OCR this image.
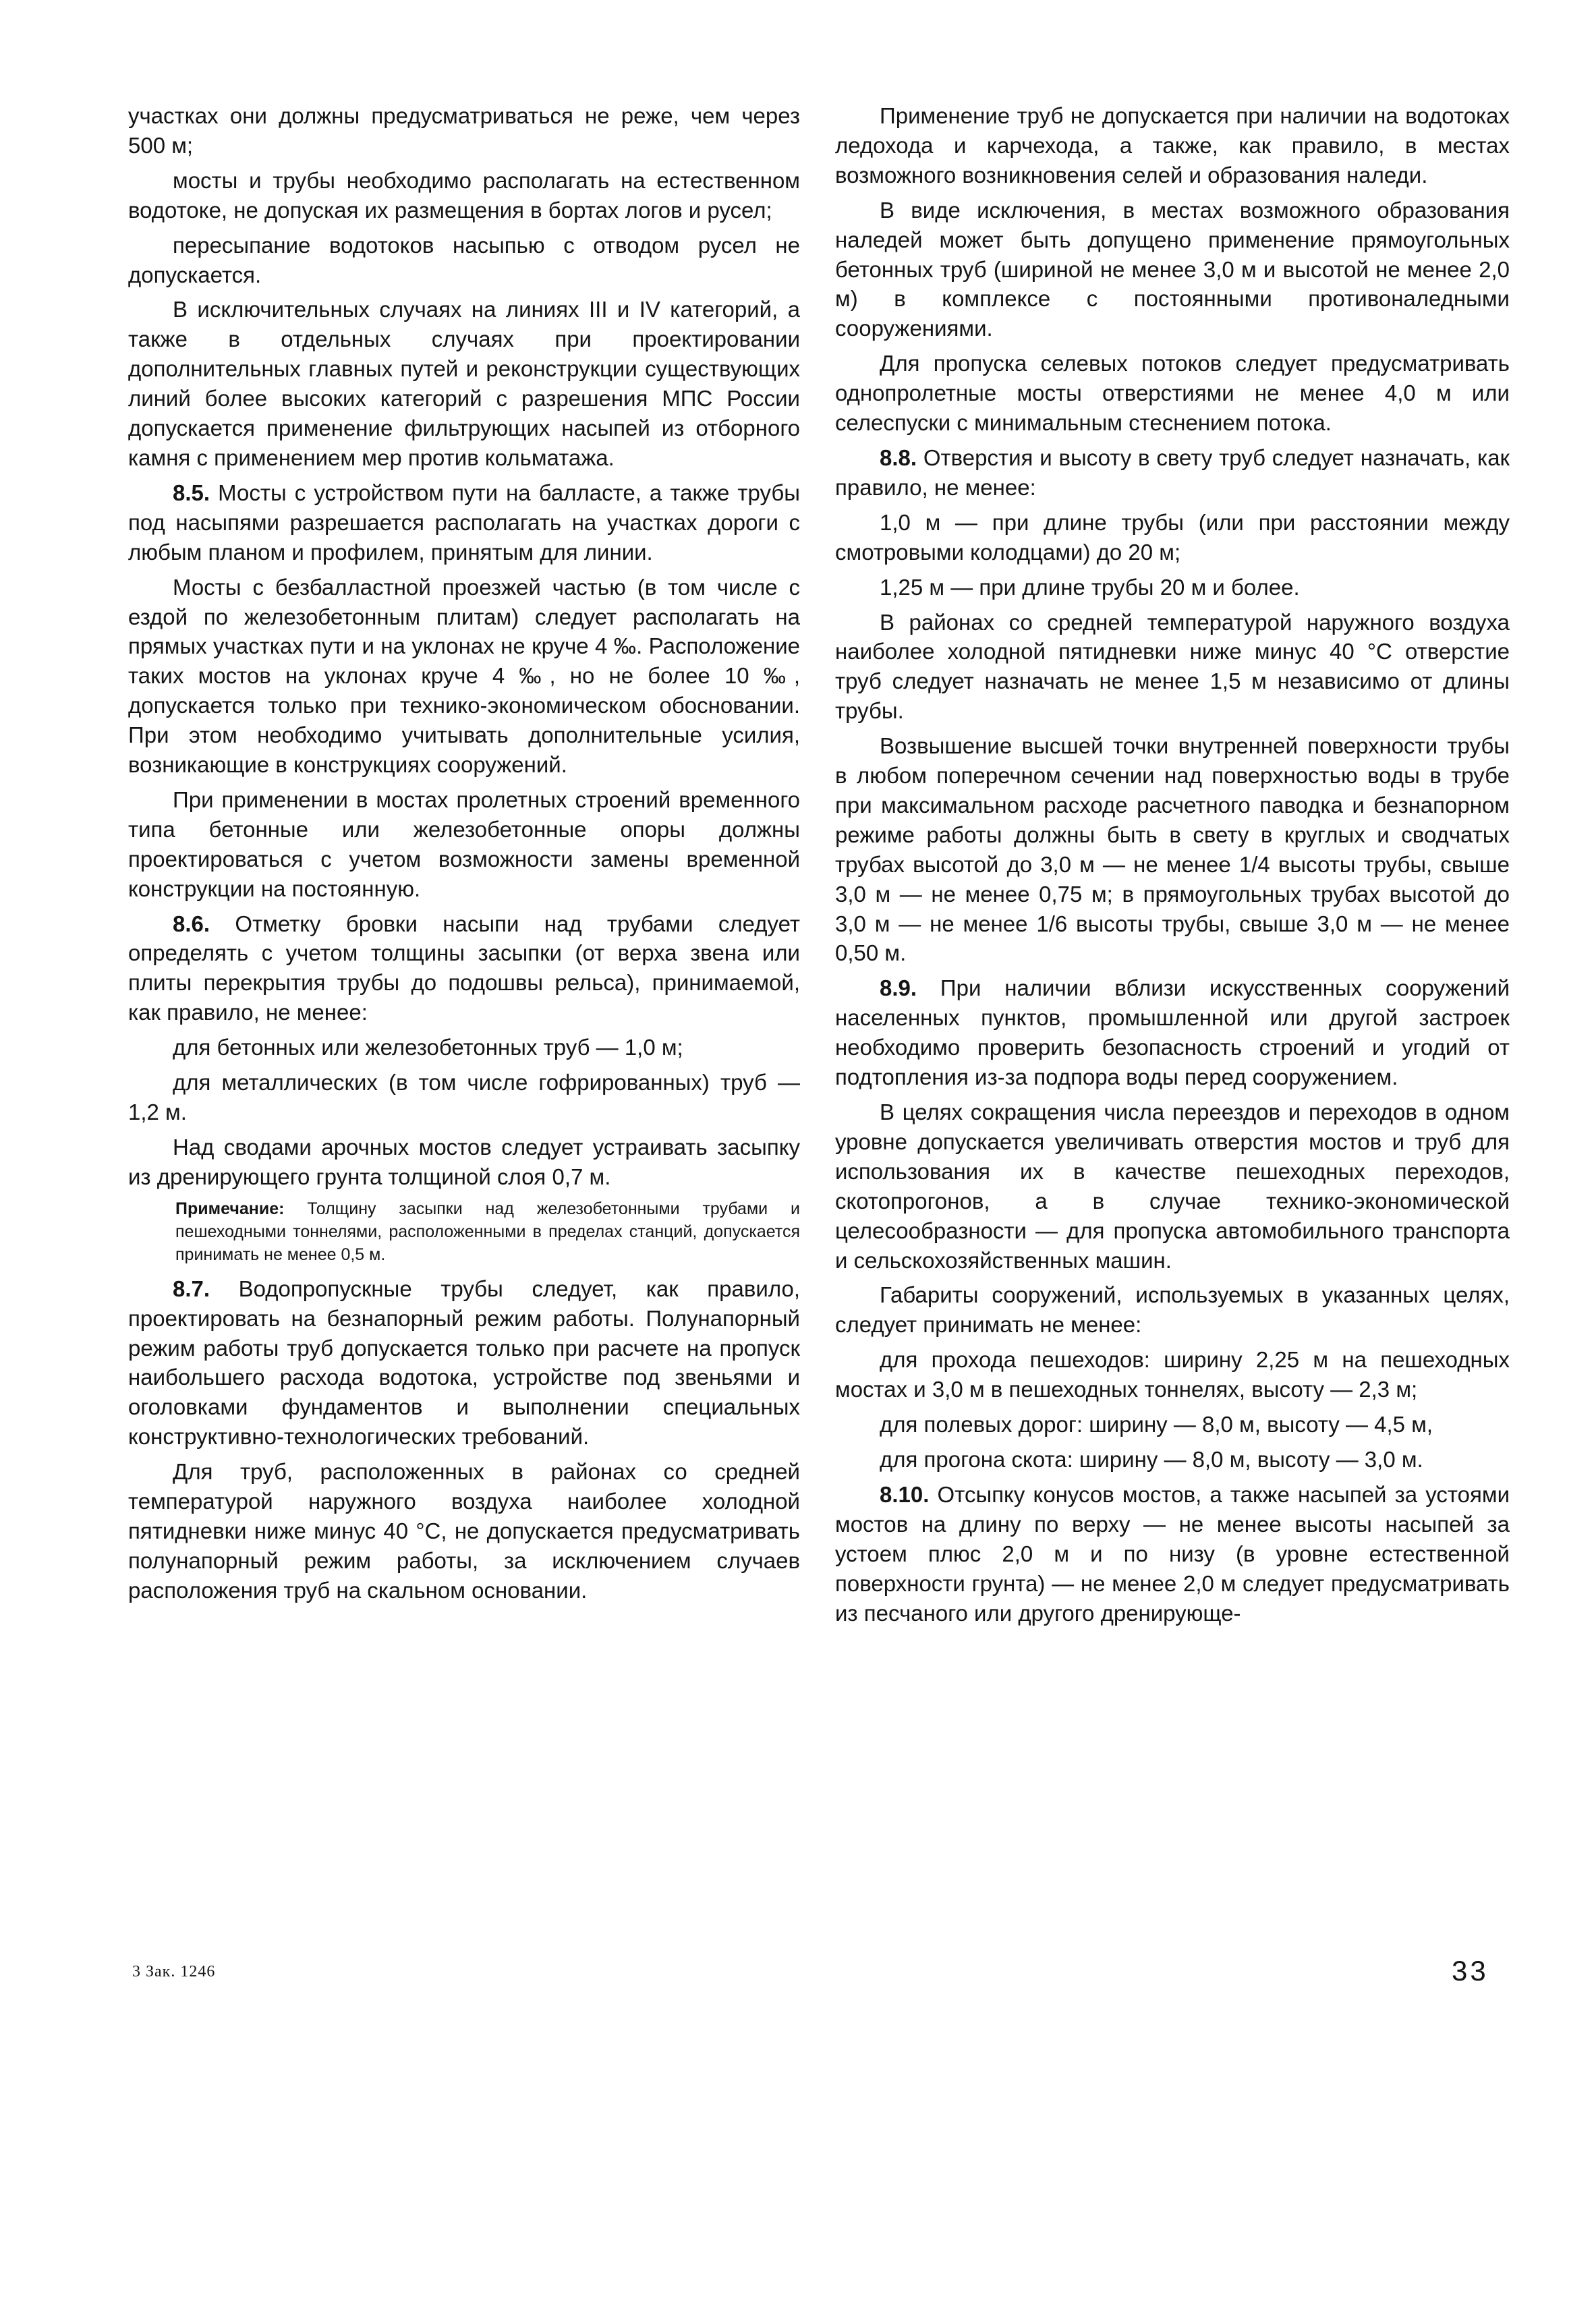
участках они должны предусматриваться не реже, чем через 500 м;

мосты и трубы необходимо располагать на естественном водотоке, не допуская их размещения в бортах логов и русел;

пересыпание водотоков насыпью с отводом русел не допускается.

В исключительных случаях на линиях III и IV категорий, а также в отдельных случаях при проектировании дополнительных главных путей и реконструкции существующих линий более высоких категорий с разрешения МПС России допускается применение фильтрующих насыпей из отборного камня с применением мер против кольматажа.

8.5. Мосты с устройством пути на балласте, а также трубы под насыпями разрешается располагать на участках дороги с любым планом и профилем, принятым для линии.

Мосты с безбалластной проезжей частью (в том числе с ездой по железобетонным плитам) следует располагать на прямых участках пути и на уклонах не круче 4 ‰. Расположение таких мостов на уклонах круче 4 ‰, но не более 10 ‰, допускается только при технико-экономическом обосновании. При этом необходимо учитывать дополнительные усилия, возникающие в конструкциях сооружений.

При применении в мостах пролетных строений временного типа бетонные или железобетонные опоры должны проектироваться с учетом возможности замены временной конструкции на постоянную.

8.6. Отметку бровки насыпи над трубами следует определять с учетом толщины засыпки (от верха звена или плиты перекрытия трубы до подошвы рельса), принимаемой, как правило, не менее:

для бетонных или железобетонных труб — 1,0 м;

для металлических (в том числе гофрированных) труб — 1,2 м.

Над сводами арочных мостов следует устраивать засыпку из дренирующего грунта толщиной слоя 0,7 м.

Примечание: Толщину засыпки над железобетонными трубами и пешеходными тоннелями, расположенными в пределах станций, допускается принимать не менее 0,5 м.

8.7. Водопропускные трубы следует, как правило, проектировать на безнапорный режим работы. Полунапорный режим работы труб допускается только при расчете на пропуск наибольшего расхода водотока, устройстве под звеньями и оголовками фундаментов и выполнении специальных конструктивно-технологических требований.

Для труб, расположенных в районах со средней температурой наружного воздуха наиболее холодной пятидневки ниже минус 40 °С, не допускается предусматривать полунапорный режим работы, за исключением случаев расположения труб на скальном основании.

Применение труб не допускается при наличии на водотоках ледохода и карчехода, а также, как правило, в местах возможного возникновения селей и образования наледи.

В виде исключения, в местах возможного образования наледей может быть допущено применение прямоугольных бетонных труб (шириной не менее 3,0 м и высотой не менее 2,0 м) в комплексе с постоянными противоналедными сооружениями.

Для пропуска селевых потоков следует предусматривать однопролетные мосты отверстиями не менее 4,0 м или селеспуски с минимальным стеснением потока.

8.8. Отверстия и высоту в свету труб следует назначать, как правило, не менее:

1,0 м — при длине трубы (или при расстоянии между смотровыми колодцами) до 20 м;

1,25 м — при длине трубы 20 м и более.

В районах со средней температурой наружного воздуха наиболее холодной пятидневки ниже минус 40 °С отверстие труб следует назначать не менее 1,5 м независимо от длины трубы.

Возвышение высшей точки внутренней поверхности трубы в любом поперечном сечении над поверхностью воды в трубе при максимальном расходе расчетного паводка и безнапорном режиме работы должны быть в свету в круглых и сводчатых трубах высотой до 3,0 м — не менее 1/4 высоты трубы, свыше 3,0 м — не менее 0,75 м; в прямоугольных трубах высотой до 3,0 м — не менее 1/6 высоты трубы, свыше 3,0 м — не менее 0,50 м.

8.9. При наличии вблизи искусственных сооружений населенных пунктов, промышленной или другой застроек необходимо проверить безопасность строений и угодий от подтопления из-за подпора воды перед сооружением.

В целях сокращения числа переездов и переходов в одном уровне допускается увеличивать отверстия мостов и труб для использования их в качестве пешеходных переходов, скотопрогонов, а в случае технико-экономической целесообразности — для пропуска автомобильного транспорта и сельскохозяйственных машин.

Габариты сооружений, используемых в указанных целях, следует принимать не менее:

для прохода пешеходов: ширину 2,25 м на пешеходных мостах и 3,0 м в пешеходных тоннелях, высоту — 2,3 м;

для полевых дорог: ширину — 8,0 м, высоту — 4,5 м,

для прогона скота: ширину — 8,0 м, высоту — 3,0 м.

8.10. Отсыпку конусов мостов, а также насыпей за устоями мостов на длину по верху — не менее высоты насыпей за устоем плюс 2,0 м и по низу (в уровне естественной поверхности грунта) — не менее 2,0 м следует предусматривать из песчаного или другого дренирующе-

3 Зак. 1246	33
